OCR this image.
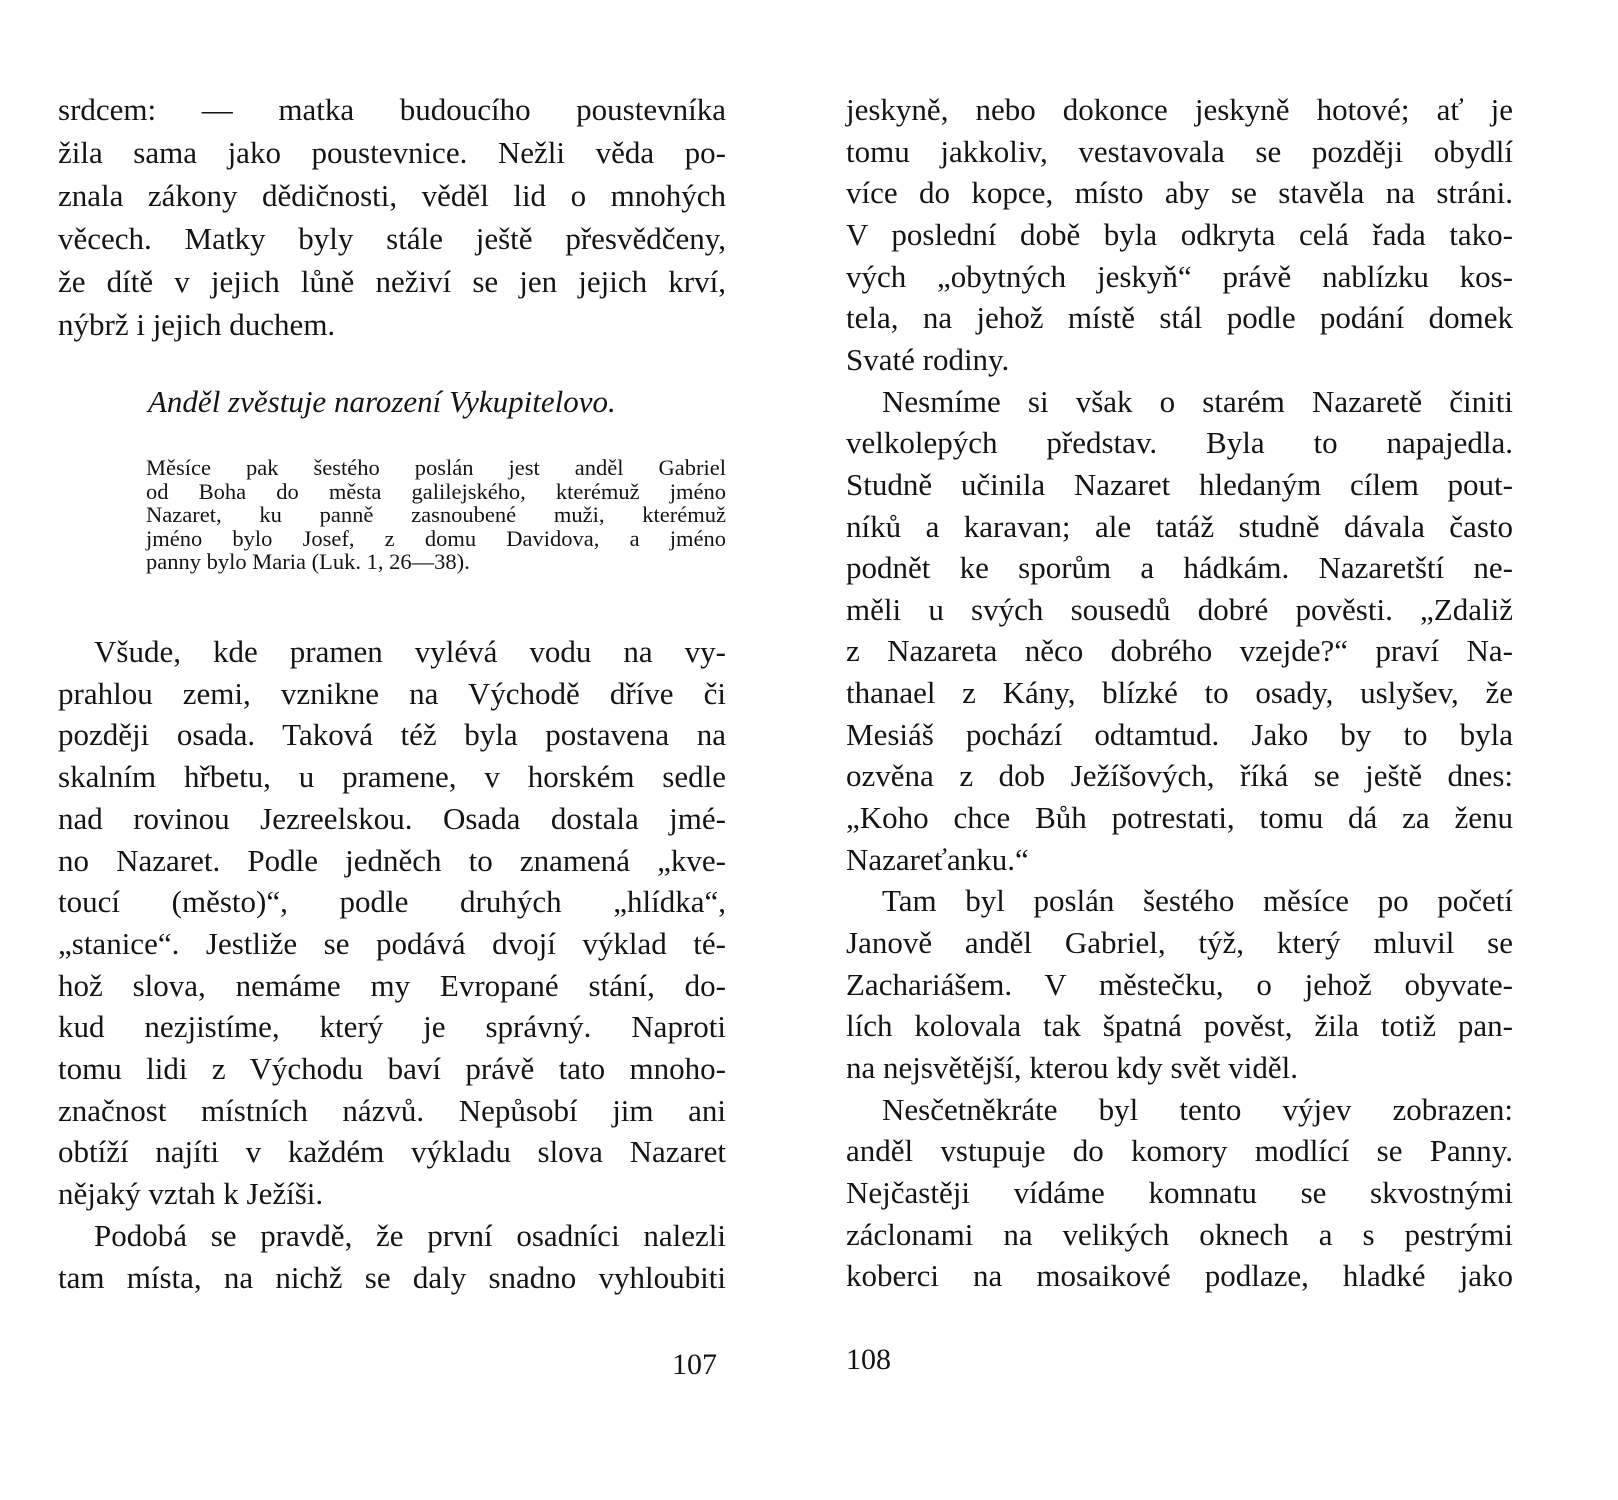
srdcem: — matka budoucího poustevníka
žila sama jako poustevnice. Nežli věda po-
znala zákony dědičnosti, věděl lid o mnohých
věcech. Matky byly stále ještě přesvědčeny,
že dítě v jejich lůně neživí se jen jejich krví,
nýbrž i jejich duchem.
Měsíce pak šestého poslán jest anděl Gabriel
od Boha do města galilejského, kterémuž jméno
Nazaret, ku panně zasnoubené muži, kterémuž
jméno bylo Josef, z domu Davidova, a jméno
panny bylo Maria (Luk. 1, 26—38).
Všude, kde pramen vylévá vodu na vy-
prahlou zemi, vznikne na Východě dříve či
později osada. Taková též byla postavena na
skalním hřbetu, u pramene, v horském sedle
nad rovinou Jezreelskou. Osada dostala jmé-
no Nazaret. Podle jedněch to znamená „kve-
toucí (město)“, podle druhých „hlídka“,
„stanice“. Jestliže se podává dvojí výklad té-
hož slova, nemáme my Evropané stání, do-
kud nezjistíme, který je správný. Naproti
tomu lidi z Východu baví právě tato mnoho-
značnost místních názvů. Nepůsobí jim ani
obtíží najíti v každém výkladu slova Nazaret
nějaký vztah k Ježíši.
Podobá se pravdě, že první osadníci nalezli
tam místa, na nichž se daly snadno vyhloubiti
Anděl zvěstuje narození Vykupitelovo.
jeskyně, nebo dokonce jeskyně hotové; ať je
tomu jakkoliv, vestavovala se později obydlí
více do kopce, místo aby se stavěla na stráni.
V poslední době byla odkryta celá řada tako-
vých „obytných jeskyň“ právě nablízku kos-
tela, na jehož místě stál podle podání domek
Svaté rodiny.
Nesmíme si však o starém Nazaretě činiti
velkolepých představ. Byla to napajedla.
Studně učinila Nazaret hledaným cílem pout-
níků a karavan; ale tatáž studně dávala často
podnět ke sporům a hádkám. Nazaretští ne-
měli u svých sousedů dobré pověsti. „Zdaliž
z Nazareta něco dobrého vzejde?“ praví Na-
thanael z Kány, blízké to osady, uslyšev, že
Mesiáš pochází odtamtud. Jako by to byla
ozvěna z dob Ježíšových, říká se ještě dnes:
„Koho chce Bůh potrestati, tomu dá za ženu
Nazareťanku.“
Tam byl poslán šestého měsíce po početí
Janově anděl Gabriel, týž, který mluvil se
Zachariášem. V městečku, o jehož obyvate-
lích kolovala tak špatná pověst, žila totiž pan-
na nejsvětější, kterou kdy svět viděl.
Nesčetněkráte byl tento výjev zobrazen:
anděl vstupuje do komory modlící se Panny.
Nejčastěji vídáme komnatu se skvostnými
záclonami na velikých oknech a s pestrými
koberci na mosaikové podlaze, hladké jako
107	108
